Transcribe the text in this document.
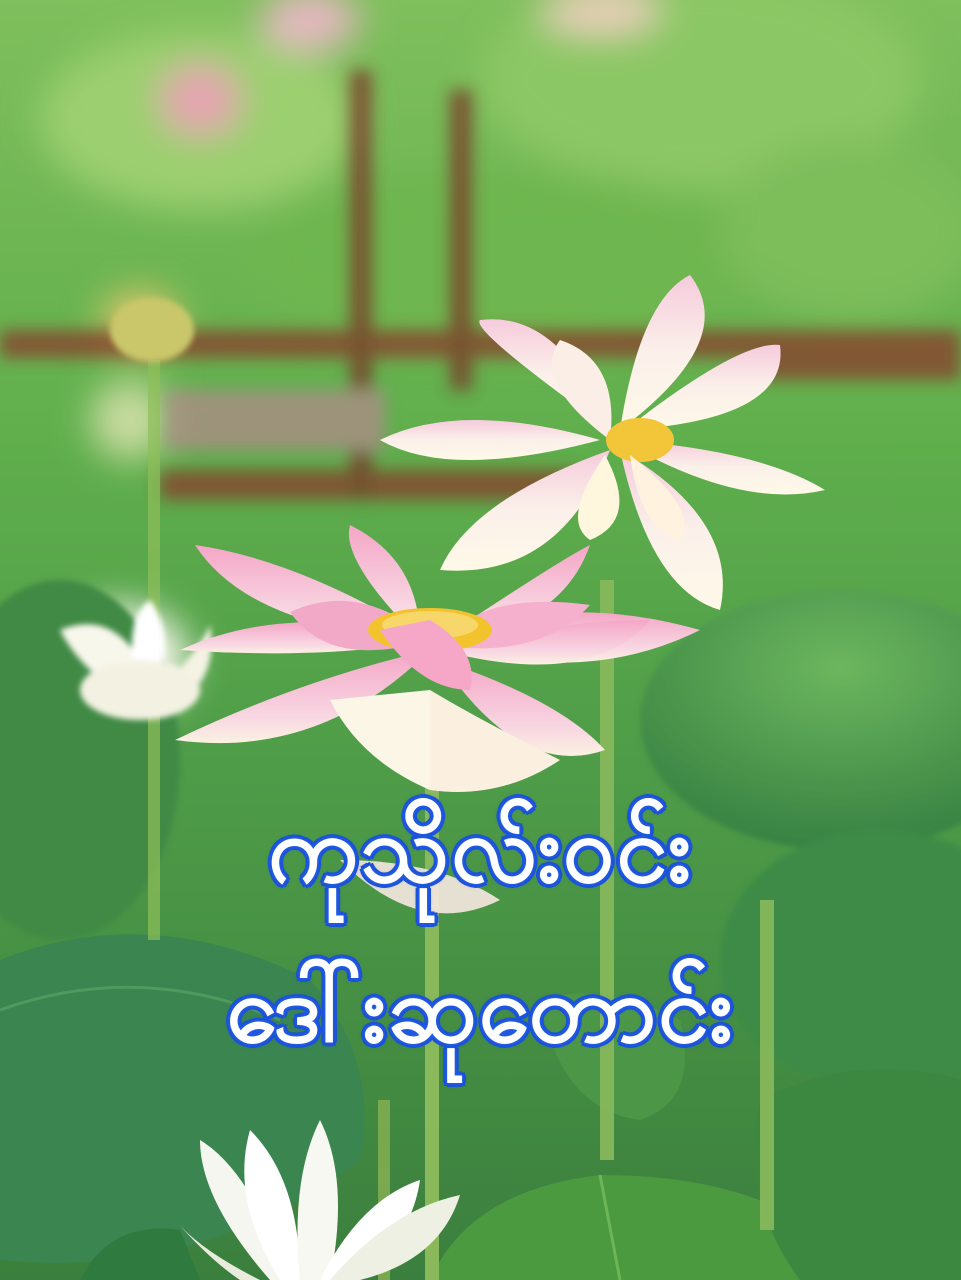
ကုသိုလ်းဝင်း
ဒေါ်းဆုတောင်း
